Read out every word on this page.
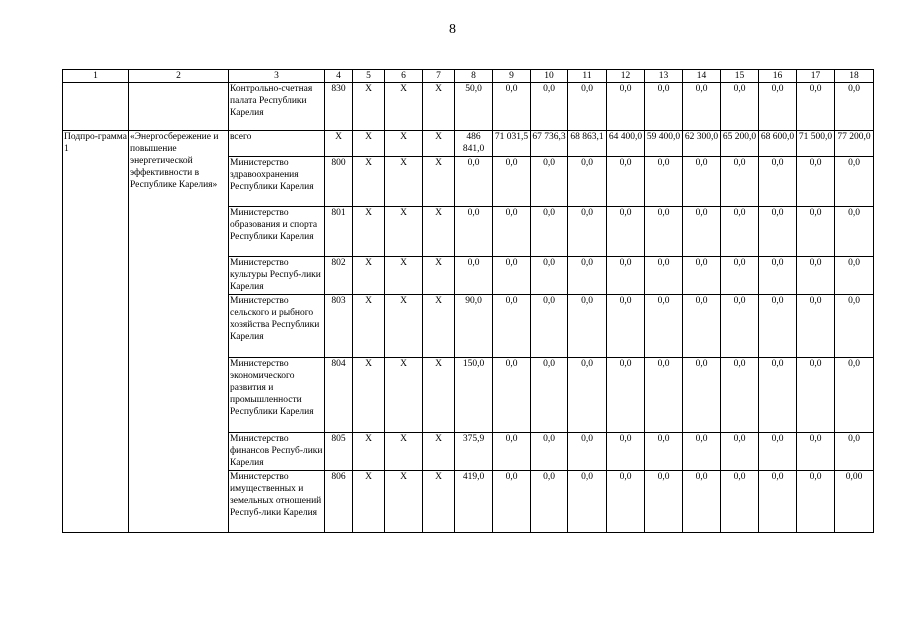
8
1	2	3	4	5	6	7	8	9	10	11	12	13	14	15	16	17	18
		Контрольно-счетная палата Республики Карелия	830	Х	Х	Х	50,0	0,0	0,0	0,0	0,0	0,0	0,0	0,0	0,0	0,0	0,0
Подпро-грамма 1	«Энергосбережение и повышение энергетической эффективности в Республике Карелия»	всего	Х	Х	Х	Х	486 841,0	71 031,5	67 736,3	68 863,1	64 400,0	59 400,0	62 300,0	65 200,0	68 600,0	71 500,0	77 200,0
		Министерство здравоохранения Республики Карелия	800	Х	Х	Х	0,0	0,0	0,0	0,0	0,0	0,0	0,0	0,0	0,0	0,0	0,0
		Министерство образования и спорта Республики Карелия	801	Х	Х	Х	0,0	0,0	0,0	0,0	0,0	0,0	0,0	0,0	0,0	0,0	0,0
		Министерство культуры Респуб-лики Карелия	802	Х	Х	Х	0,0	0,0	0,0	0,0	0,0	0,0	0,0	0,0	0,0	0,0	0,0
		Министерство сельского и рыбного хозяйства Республики Карелия	803	Х	Х	Х	90,0	0,0	0,0	0,0	0,0	0,0	0,0	0,0	0,0	0,0	0,0
		Министерство экономического развития и промышленности Республики Карелия	804	Х	Х	Х	150,0	0,0	0,0	0,0	0,0	0,0	0,0	0,0	0,0	0,0	0,0
		Министерство финансов Респуб-лики Карелия	805	Х	Х	Х	375,9	0,0	0,0	0,0	0,0	0,0	0,0	0,0	0,0	0,0	0,0
		Министерство имущественных и земельных отношений Респуб-лики Карелия	806	Х	Х	Х	419,0	0,0	0,0	0,0	0,0	0,0	0,0	0,0	0,0	0,0	0,00
